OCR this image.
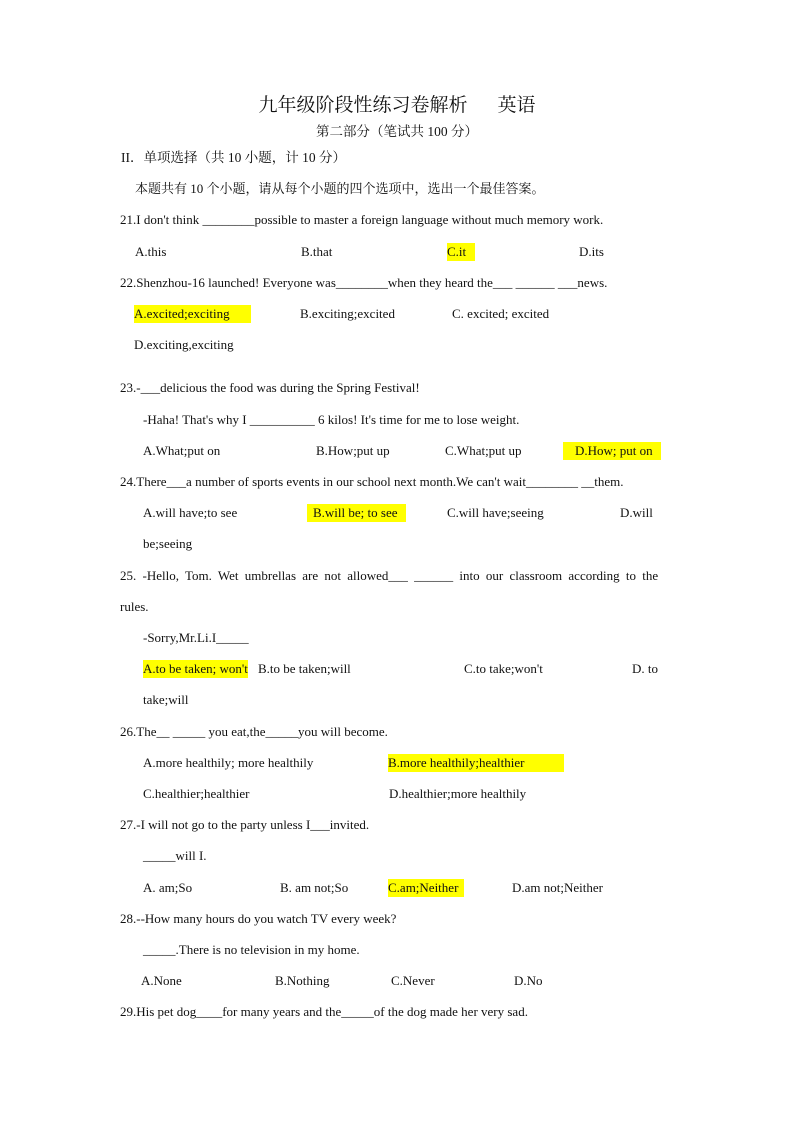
九年级阶段性练习卷解析 英语
第二部分（笔试共 100 分）
II．单项选择（共 10 小题，计 10 分）
本题共有 10 个小题，请从每个小题的四个选项中，选出一个最佳答案。
21.I don't think ________possible to master a foreign language without much memory work.
A.this	B.that	C.it	D.its
22.Shenzhou-16 launched! Everyone was________when they heard the___ ______ ___news.
A.excited;exciting	B.exciting;excited	C. excited; excited
D.exciting,exciting
23.-___delicious the food was during the Spring Festival!
-Haha! That's why I __________ 6 kilos! It's time for me to lose weight.
A.What;put on	B.How;put up	C.What;put up	D.How; put on
24.There___a number of sports events in our school next month.We can't wait________ __them.
A.will have;to see	B.will be; to see	C.will have;seeing	D.will
be;seeing
25. -Hello, Tom. Wet umbrellas are not allowed___ ______ into our classroom according to the
rules.
-Sorry,Mr.Li.I_____
A.to be taken; won't B.to be taken;will	C.to take;won't	D. to
take;will
26.The__ _____ you eat,the_____you will become.
A.more healthily; more healthily	B.more healthily;healthier
C.healthier;healthier	D.healthier;more healthily
27.-I will not go to the party unless I___invited.
_____will I.
A. am;So	B. am not;So	C.am;Neither	D.am not;Neither
28.--How many hours do you watch TV every week?
_____.There is no television in my home.
A.None	B.Nothing	C.Never	D.No
29.His pet dog____for many years and the_____of the dog made her very sad.
